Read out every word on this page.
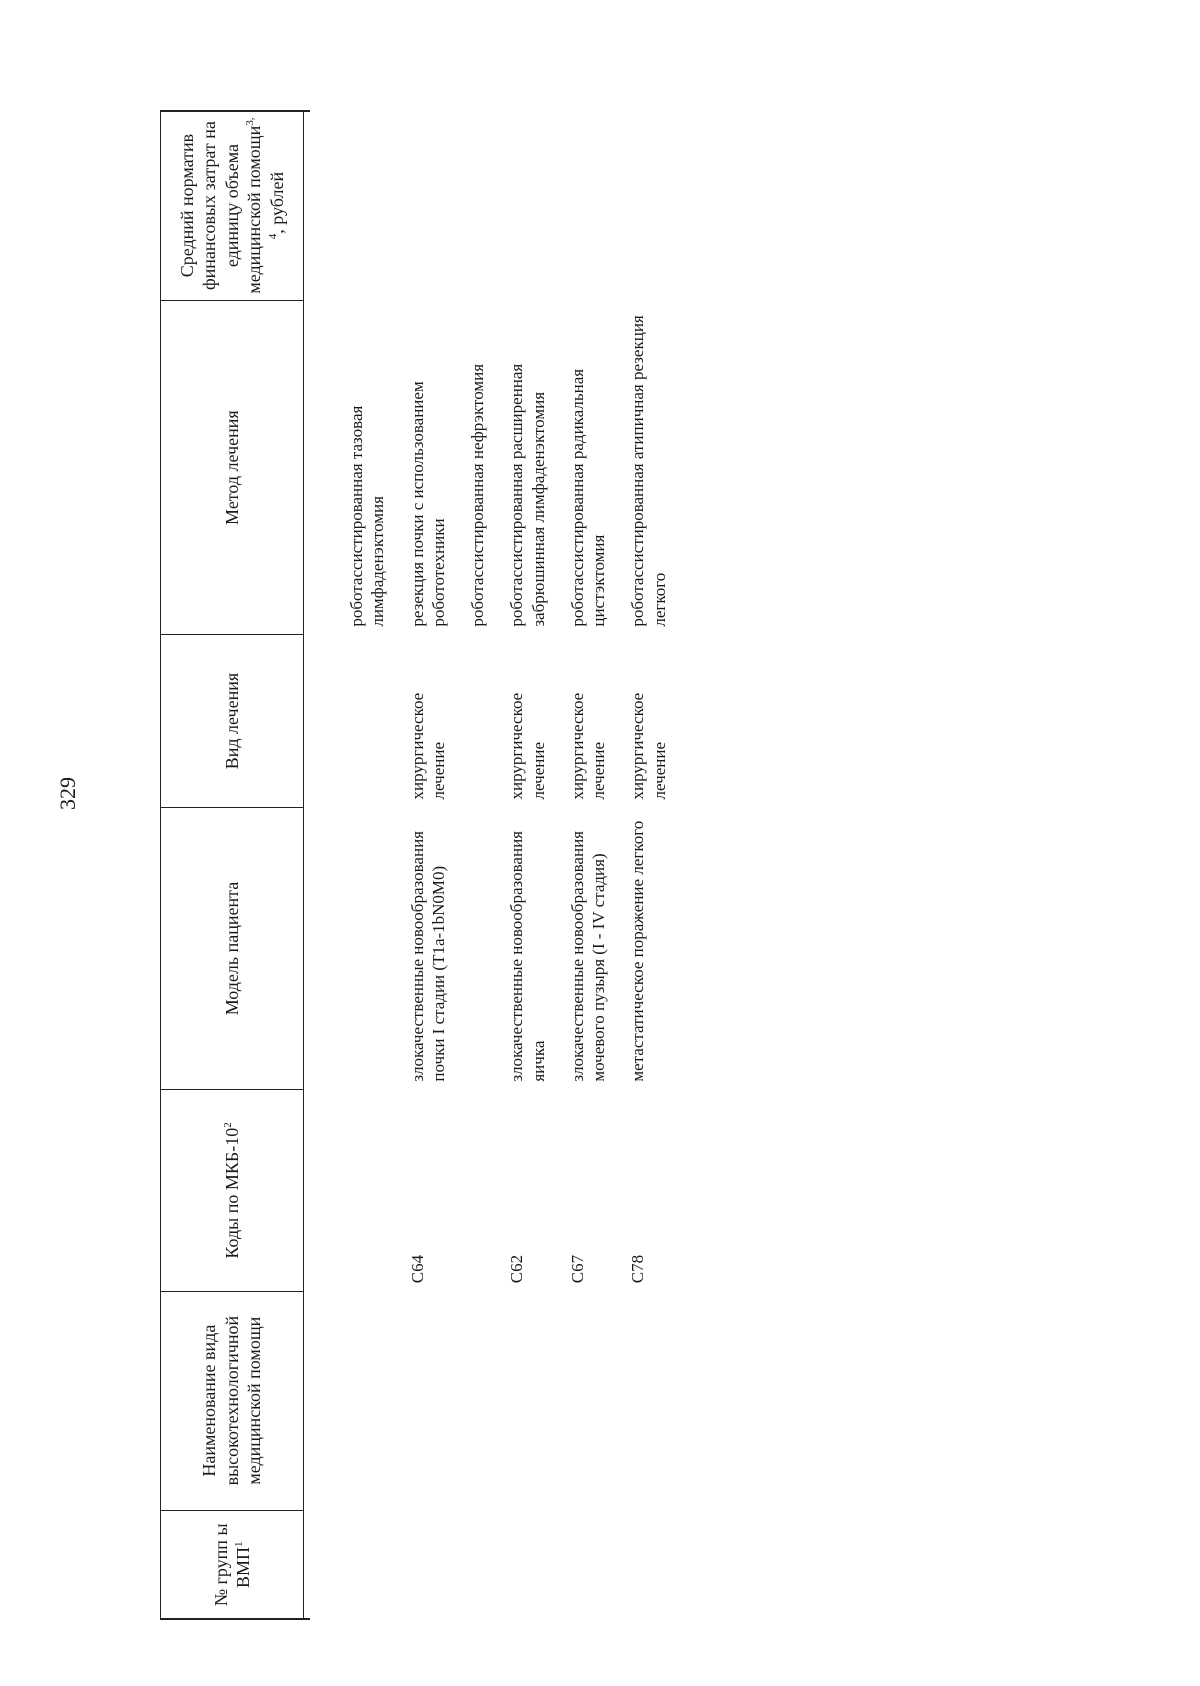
329
№ групп ы ВМП$^1$	Наименование вида высокотехнологичной медицинской помощи	Коды по МКБ-$10^2$	Модель пациента	Вид лечения	Метод лечения	Средний норматив финансовых затрат на единицу объема медицинской помощи$^{3, 4}$, рублей

					роботассистированная тазовая лимфаденэктомия	
		C64	злокачественные новообразования почки I стадии (T1a-1bN0M0)	хирургическое лечение	резекция почки с использованием робототехники	
					роботассистированная нефрэктомия	
		C62	злокачественные новообразования яичка	хирургическое лечение	роботассистированная расширенная забрюшинная лимфаденэктомия	
		C67	злокачественные новообразования мочевого пузыря (I - IV стадия)	хирургическое лечение	роботассистированная радикальная цистэктомия	
		C78	метастатическое поражение легкого	хирургическое лечение	роботассистированная атипичная резекция легкого	
